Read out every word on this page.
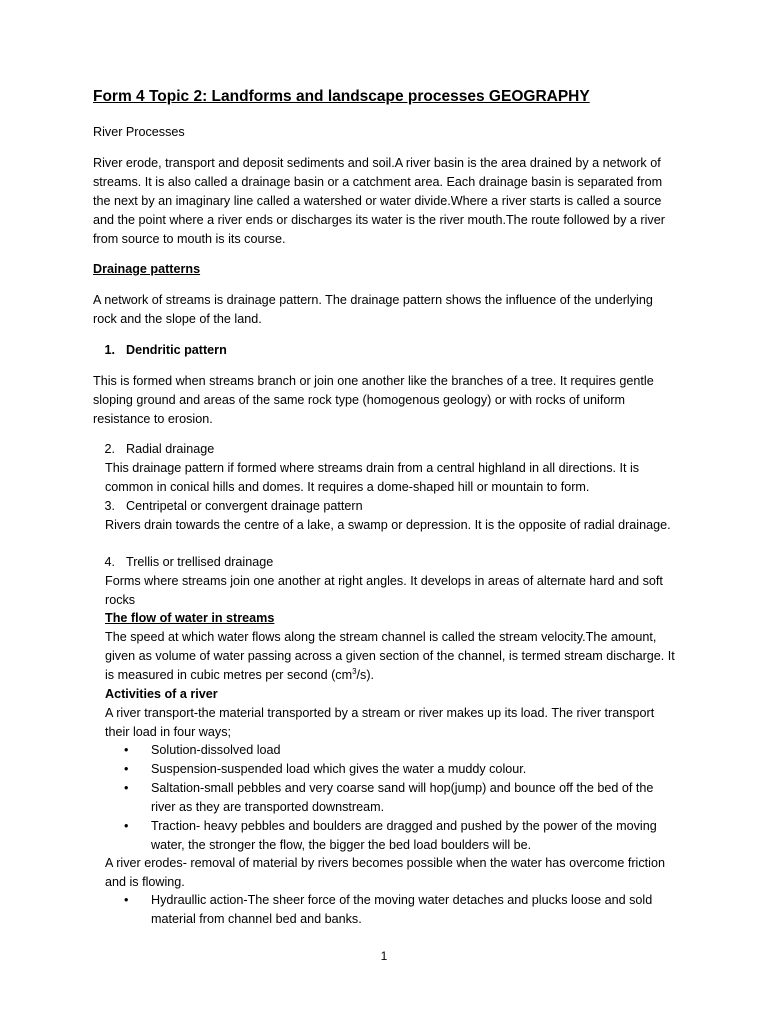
Form 4 Topic 2: Landforms and landscape processes GEOGRAPHY
River Processes
River erode, transport and deposit sediments and soil.A river basin is the area drained by a network of streams. It is also called a drainage basin or a catchment area. Each drainage basin is separated from the next by an imaginary line called a watershed or water divide.Where a river starts is called a source and the point where a river ends or discharges its water is the river mouth.The route followed by a river from source to mouth is its course.
Drainage patterns
A network of streams is drainage pattern. The drainage pattern shows the influence of the underlying rock and the slope of the land.
1. Dendritic pattern
This is formed when streams branch or join one another like the branches of a tree. It requires gentle sloping ground and areas of the same rock type (homogenous geology) or with rocks of uniform resistance to erosion.
2. Radial drainage
This drainage pattern if formed where streams drain from a central highland in all directions. It is common in conical hills and domes. It requires a dome-shaped hill or mountain to form.
3. Centripetal or convergent drainage pattern
Rivers drain towards the centre of a lake, a swamp or depression. It is the opposite of radial drainage.
4. Trellis or trellised drainage
Forms where streams join one another at right angles. It develops in areas of alternate hard and soft rocks
The flow of water in streams
The speed at which water flows along the stream channel is called the stream velocity.The amount, given as volume of water passing across a given section of the channel, is termed stream discharge. It is measured in cubic metres per second $(cm^3/s)$.
Activities of a river
A river transport-the material transported by a stream or river makes up its load. The river transport their load in four ways;
• Solution-dissolved load
• Suspension-suspended load which gives the water a muddy colour.
• Saltation-small pebbles and very coarse sand will hop(jump) and bounce off the bed of the river as they are transported downstream.
• Traction- heavy pebbles and boulders are dragged and pushed by the power of the moving water, the stronger the flow, the bigger the bed load boulders will be.
A river erodes- removal of material by rivers becomes possible when the water has overcome friction and is flowing.
• Hydraullic action-The sheer force of the moving water detaches and plucks loose and sold material from channel bed and banks.
1
